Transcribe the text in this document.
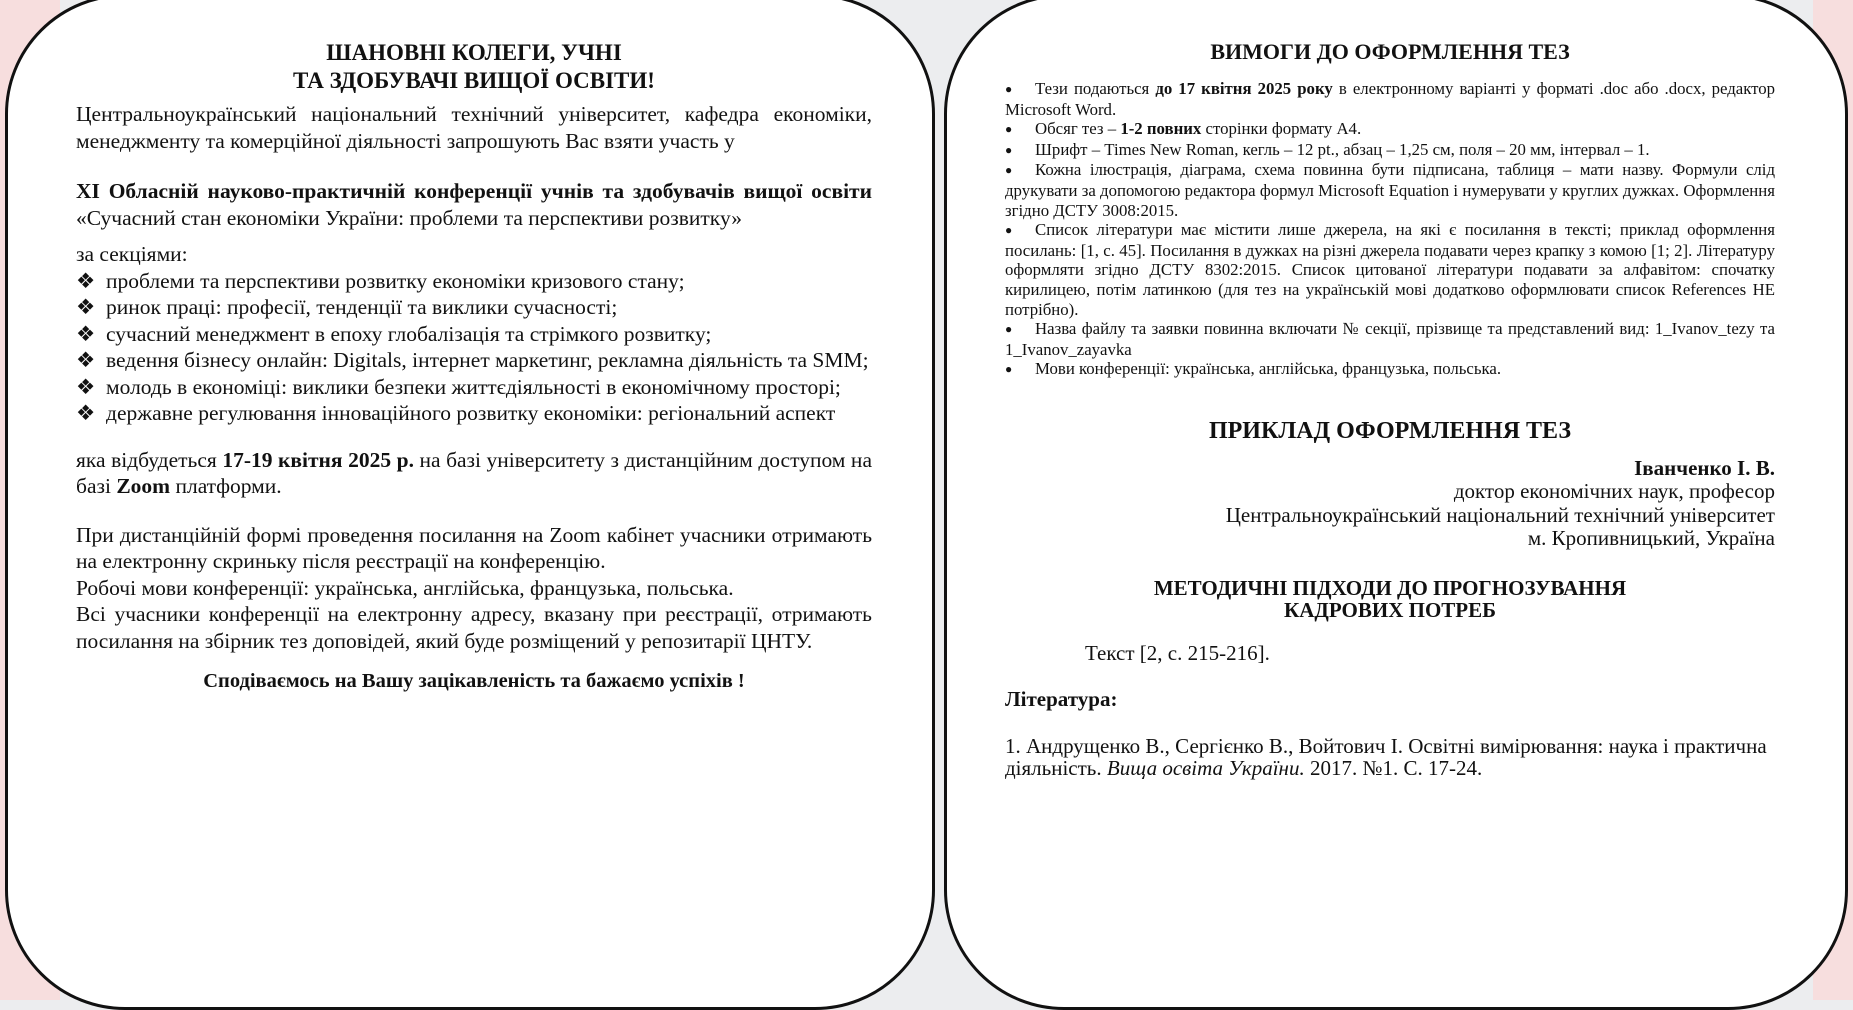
ШАНОВНІ КОЛЕГИ, УЧНІ
ТА ЗДОБУВАЧІ ВИЩОЇ ОСВІТИ!

Центральноукраїнський національний технічний університет, кафедра економіки, менеджменту та комерційної діяльності запрошують Вас взяти участь у

XІ Обласній науково-практичній конференції учнів та здобувачів вищої освіти «Сучасний стан економіки України: проблеми та перспективи розвитку»

за секціями:

❖ проблеми та перспективи розвитку економіки кризового стану;
❖ ринок праці: професії, тенденції та виклики сучасності;
❖ сучасний менеджмент в епоху глобалізація та стрімкого розвитку;
❖ ведення бізнесу онлайн: Digitals, інтернет маркетинг, рекламна діяльність та SMM;
❖ молодь в економіці: виклики безпеки життєдіяльності в економічному просторі;
❖ державне регулювання інноваційного розвитку економіки: регіональний аспект

яка відбудеться 17-19 квітня 2025 р. на базі університету з дистанційним доступом на базі Zoom платформи.

При дистанційній формі проведення посилання на Zoom кабінет учасники отримають на електронну скриньку після реєстрації на конференцію.

Робочі мови конференції: українська, англійська, французька, польська.

Всі учасники конференції на електронну адресу, вказану при реєстрації, отримають посилання на збірник тез доповідей, який буде розміщений у репозитарії ЦНТУ.

Сподіваємось на Вашу зацікавленість та бажаємо успіхів !

ВИМОГИ ДО ОФОРМЛЕННЯ ТЕЗ
● Тези подаються до 17 квітня 2025 року в електронному варіанті у форматі .doc або .docx, редактор Microsoft Word.
● Обсяг тез – 1-2 повних сторінки формату А4.
● Шрифт – Times New Roman, кегль – 12 pt., абзац – 1,25 см, поля – 20 мм, інтервал – 1.
● Кожна ілюстрація, діаграма, схема повинна бути підписана, таблиця – мати назву. Формули слід друкувати за допомогою редактора формул Microsoft Equation і нумерувати у круглих дужках. Оформлення згідно ДСТУ 3008:2015.
● Список літератури має містити лише джерела, на які є посилання в тексті; приклад оформлення посилань: [1, с. 45]. Посилання в дужках на різні джерела подавати через крапку з комою [1; 2]. Літературу оформляти згідно ДСТУ 8302:2015. Список цитованої літератури подавати за алфавітом: спочатку кирилицею, потім латинкою (для тез на українській мові додатково оформлювати список References НЕ потрібно).
● Назва файлу та заявки повинна включати № секції, прізвище та представлений вид: 1_Ivanov_tezy та 1_Ivanov_zayavka
● Мови конференції: українська, англійська, французька, польська.
ПРИКЛАД ОФОРМЛЕННЯ ТЕЗ

Іванченко І. В.
доктор економічних наук, професор
Центральноукраїнський національний технічний університет
м. Кропивницький, Україна

МЕТОДИЧНІ ПІДХОДИ ДО ПРОГНОЗУВАННЯ
КАДРОВИХ ПОТРЕБ

Текст [2, с. 215-216].

Література:

1. Андрущенко В., Сергієнко В., Войтович І. Освітні вимірювання: наука і практична діяльність. Вища освіта України. 2017. №1. С. 17-24.
